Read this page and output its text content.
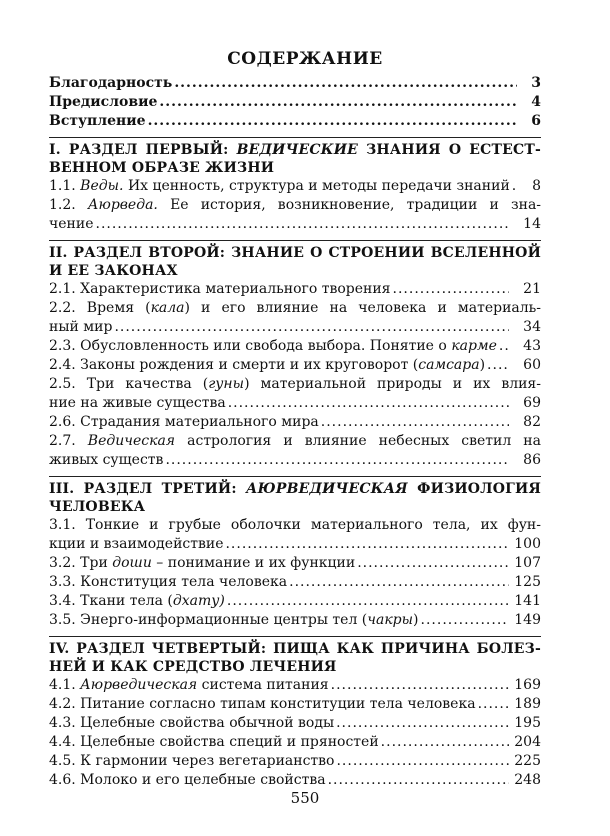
СОДЕРЖАНИЕ
Благодарность .....	3
Предисловие .....	4
Вступление .....	6
I. РАЗДЕЛ ПЕРВЫЙ: ВЕДИЧЕСКИЕ ЗНАНИЯ О ЕСТЕСТ-
ВЕННОМ ОБРАЗЕ ЖИЗНИ
1.1. Веды. Их ценность, структура и методы передачи знаний .....	8
1.2. Аюрведа. Ее история, возникновение, традиции и зна-
чение .....	14
II. РАЗДЕЛ ВТОРОЙ: ЗНАНИЕ О СТРОЕНИИ ВСЕЛЕННОЙ
И ЕЕ ЗАКОНАХ
2.1. Характеристика материального творения .....	21
2.2. Время (кала) и его влияние на человека и материаль-
ный мир .....	34
2.3. Обусловленность или свобода выбора. Понятие о карме .....	43
2.4. Законы рождения и смерти и их круговорот (самсара) .....	60
2.5. Три качества (гуны) материальной природы и их влия-
ние на живые существа .....	69
2.6. Страдания материального мира .....	82
2.7. Ведическая астрология и влияние небесных светил на
живых существ .....	86
III. РАЗДЕЛ ТРЕТИЙ: АЮРВЕДИЧЕСКАЯ ФИЗИОЛОГИЯ
ЧЕЛОВЕКА
3.1. Тонкие и грубые оболочки материального тела, их фун-
кции и взаимодействие .....	100
3.2. Три доши – понимание и их функции .....	107
3.3. Конституция тела человека .....	125
3.4. Ткани тела (дхату) .....	141
3.5. Энерго-информационные центры тел (чакры) .....	149
IV. РАЗДЕЛ ЧЕТВЕРТЫЙ: ПИЩА КАК ПРИЧИНА БОЛЕЗ-
НЕЙ И КАК СРЕДСТВО ЛЕЧЕНИЯ
4.1. Аюрведическая система питания .....	169
4.2. Питание согласно типам конституции тела человека .....	189
4.3. Целебные свойства обычной воды .....	195
4.4. Целебные свойства специй и пряностей .....	204
4.5. К гармонии через вегетарианство .....	225
4.6. Молоко и его целебные свойства .....	248
550
